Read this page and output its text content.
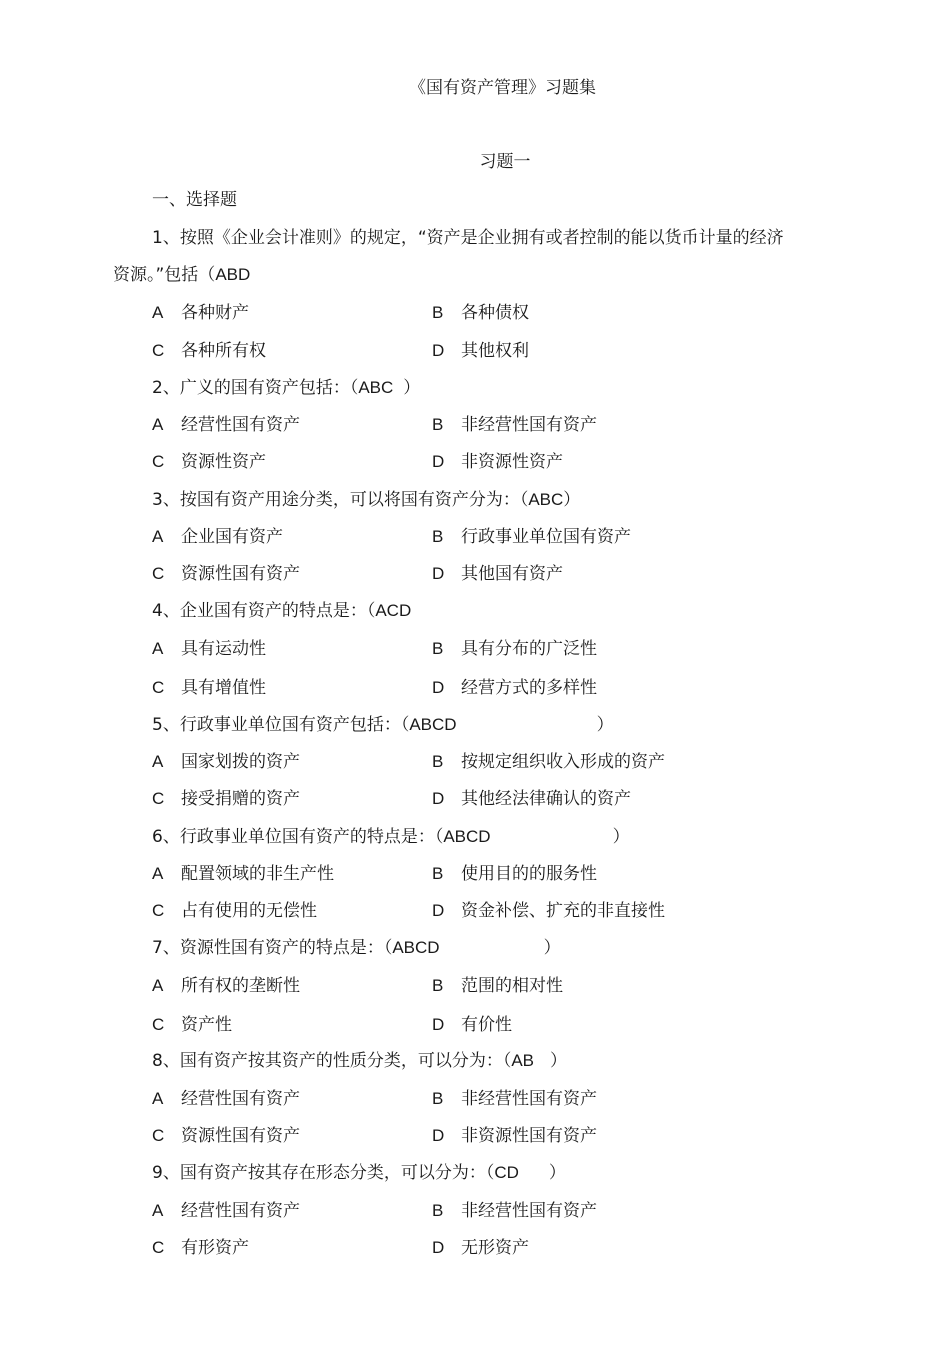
《国有资产管理》习题集
习题一
一、选择题
1、按照《企业会计准则》的规定，“资产是企业拥有或者控制的能以货币计量的经济
资源。”包括（ABD
A 各种财产	B 各种债权
C 各种所有权	D 其他权利
2、广义的国有资产包括：（ABC ）
A 经营性国有资产	B 非经营性国有资产
C 资源性资产	D 非资源性资产
3、按国有资产用途分类，可以将国有资产分为：（ABC）
A 企业国有资产	B 行政事业单位国有资产
C 资源性国有资产	D 其他国有资产
4、企业国有资产的特点是：（ACD
A 具有运动性	B 具有分布的广泛性
C 具有增值性	D 经营方式的多样性
5、行政事业单位国有资产包括：（ABCD	）
A 国家划拨的资产	B 按规定组织收入形成的资产
C 接受捐赠的资产	D 其他经法律确认的资产
6、行政事业单位国有资产的特点是：（ABCD	）
A 配置领域的非生产性	B 使用目的的服务性
C 占有使用的无偿性	D 资金补偿、扩充的非直接性
7、资源性国有资产的特点是：（ABCD	）
A 所有权的垄断性	B 范围的相对性
C 资产性	D 有价性
8、国有资产按其资产的性质分类，可以分为：（AB ）
A 经营性国有资产	B 非经营性国有资产
C 资源性国有资产	D 非资源性国有资产
9、国有资产按其存在形态分类，可以分为：（CD ）
A 经营性国有资产	B 非经营性国有资产
C 有形资产	D 无形资产
